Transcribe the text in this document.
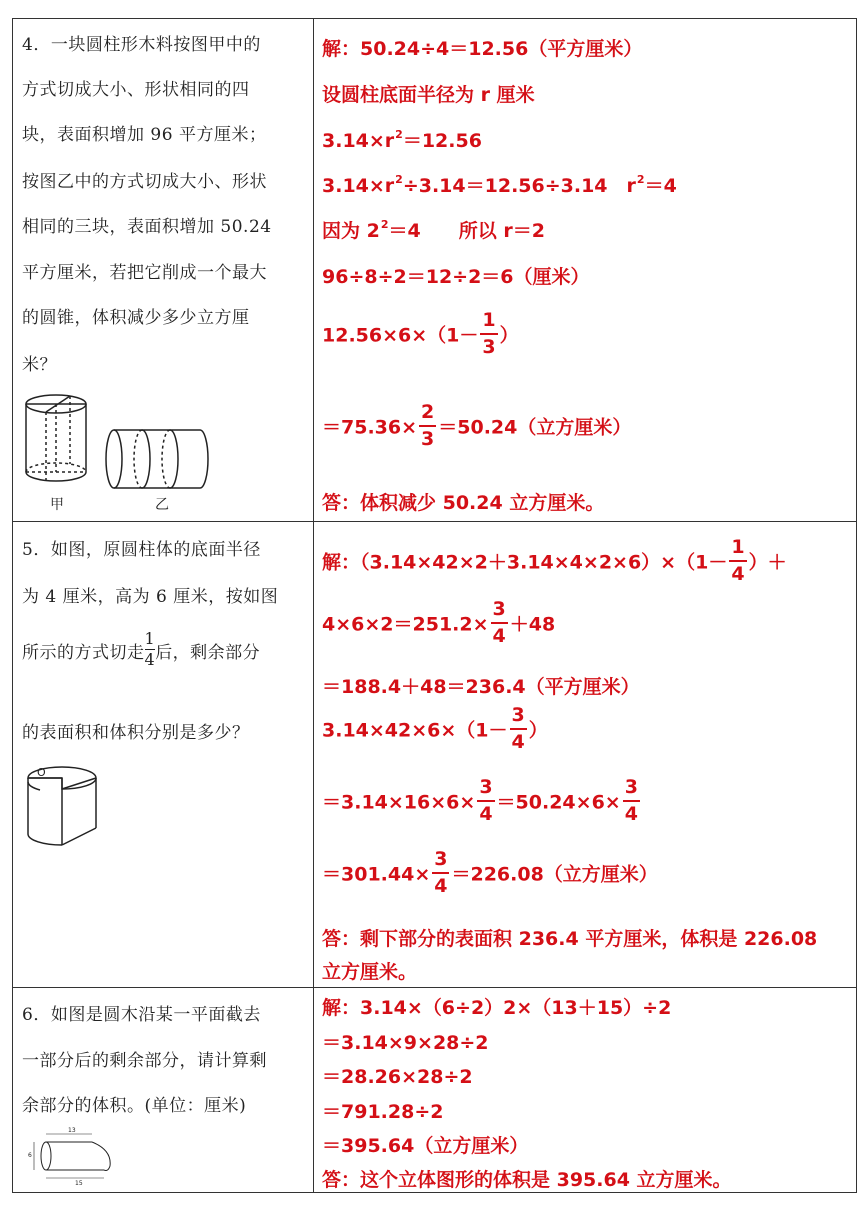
4．一块圆柱形木料按图甲中的
方式切成大小、形状相同的四
块，表面积增加 96 平方厘米；
按图乙中的方式切成大小、形状
相同的三块，表面积增加 50.24
平方厘米，若把它削成一个最大
的圆锥，体积减少多少立方厘
米？
甲	乙
解：50.24÷4＝12.56（平方厘米）
设圆柱底面半径为 r 厘米
$3.14\times r^2=12.56$
$3.14\times r^2\div 3.14=12.56\div 3.14$　$r^2=4$
因为 $2^2=4$　　所以 r＝2
96÷8÷2＝12÷2＝6（厘米）
$12.56\times 6\times(1- \frac{1}{3}$ ）
$=75.36\times \frac{2}{3} =50.24$（立方厘米）
答：体积减少 50.24 立方厘米。
5．如图，原圆柱体的底面半径
为 4 厘米，高为 6 厘米，按如图
所示的方式切走 $\frac{1}{4}$ 后，剩余部分
的表面积和体积分别是多少？
O
解：$(3.14\times 42\times 2+3.14\times 4\times 2\times 6)\times(1- \frac{1}{4}$ ）＋
$4\times 6\times 2=251.2\times \frac{3}{4} +48$
＝188.4＋48＝236.4（平方厘米）
$3.14\times 42\times 6\times(1- \frac{3}{4}$ ）
$=3.14\times 16\times 6\times \frac{3}{4} =50.24\times 6\times \frac{3}{4}$
$=301.44\times \frac{3}{4} =226.08$（立方厘米）
答：剩下部分的表面积 236.4 平方厘米，体积是 226.08
立方厘米。
6．如图是圆木沿某一平面截去
一部分后的剩余部分，请计算剩
余部分的体积。(单位：厘米)
13
15
6
解：3.14×（6÷2）2×（13＋15）÷2
＝3.14×9×28÷2
＝28.26×28÷2
＝791.28÷2
＝395.64（立方厘米）
答：这个立体图形的体积是 395.64 立方厘米。
